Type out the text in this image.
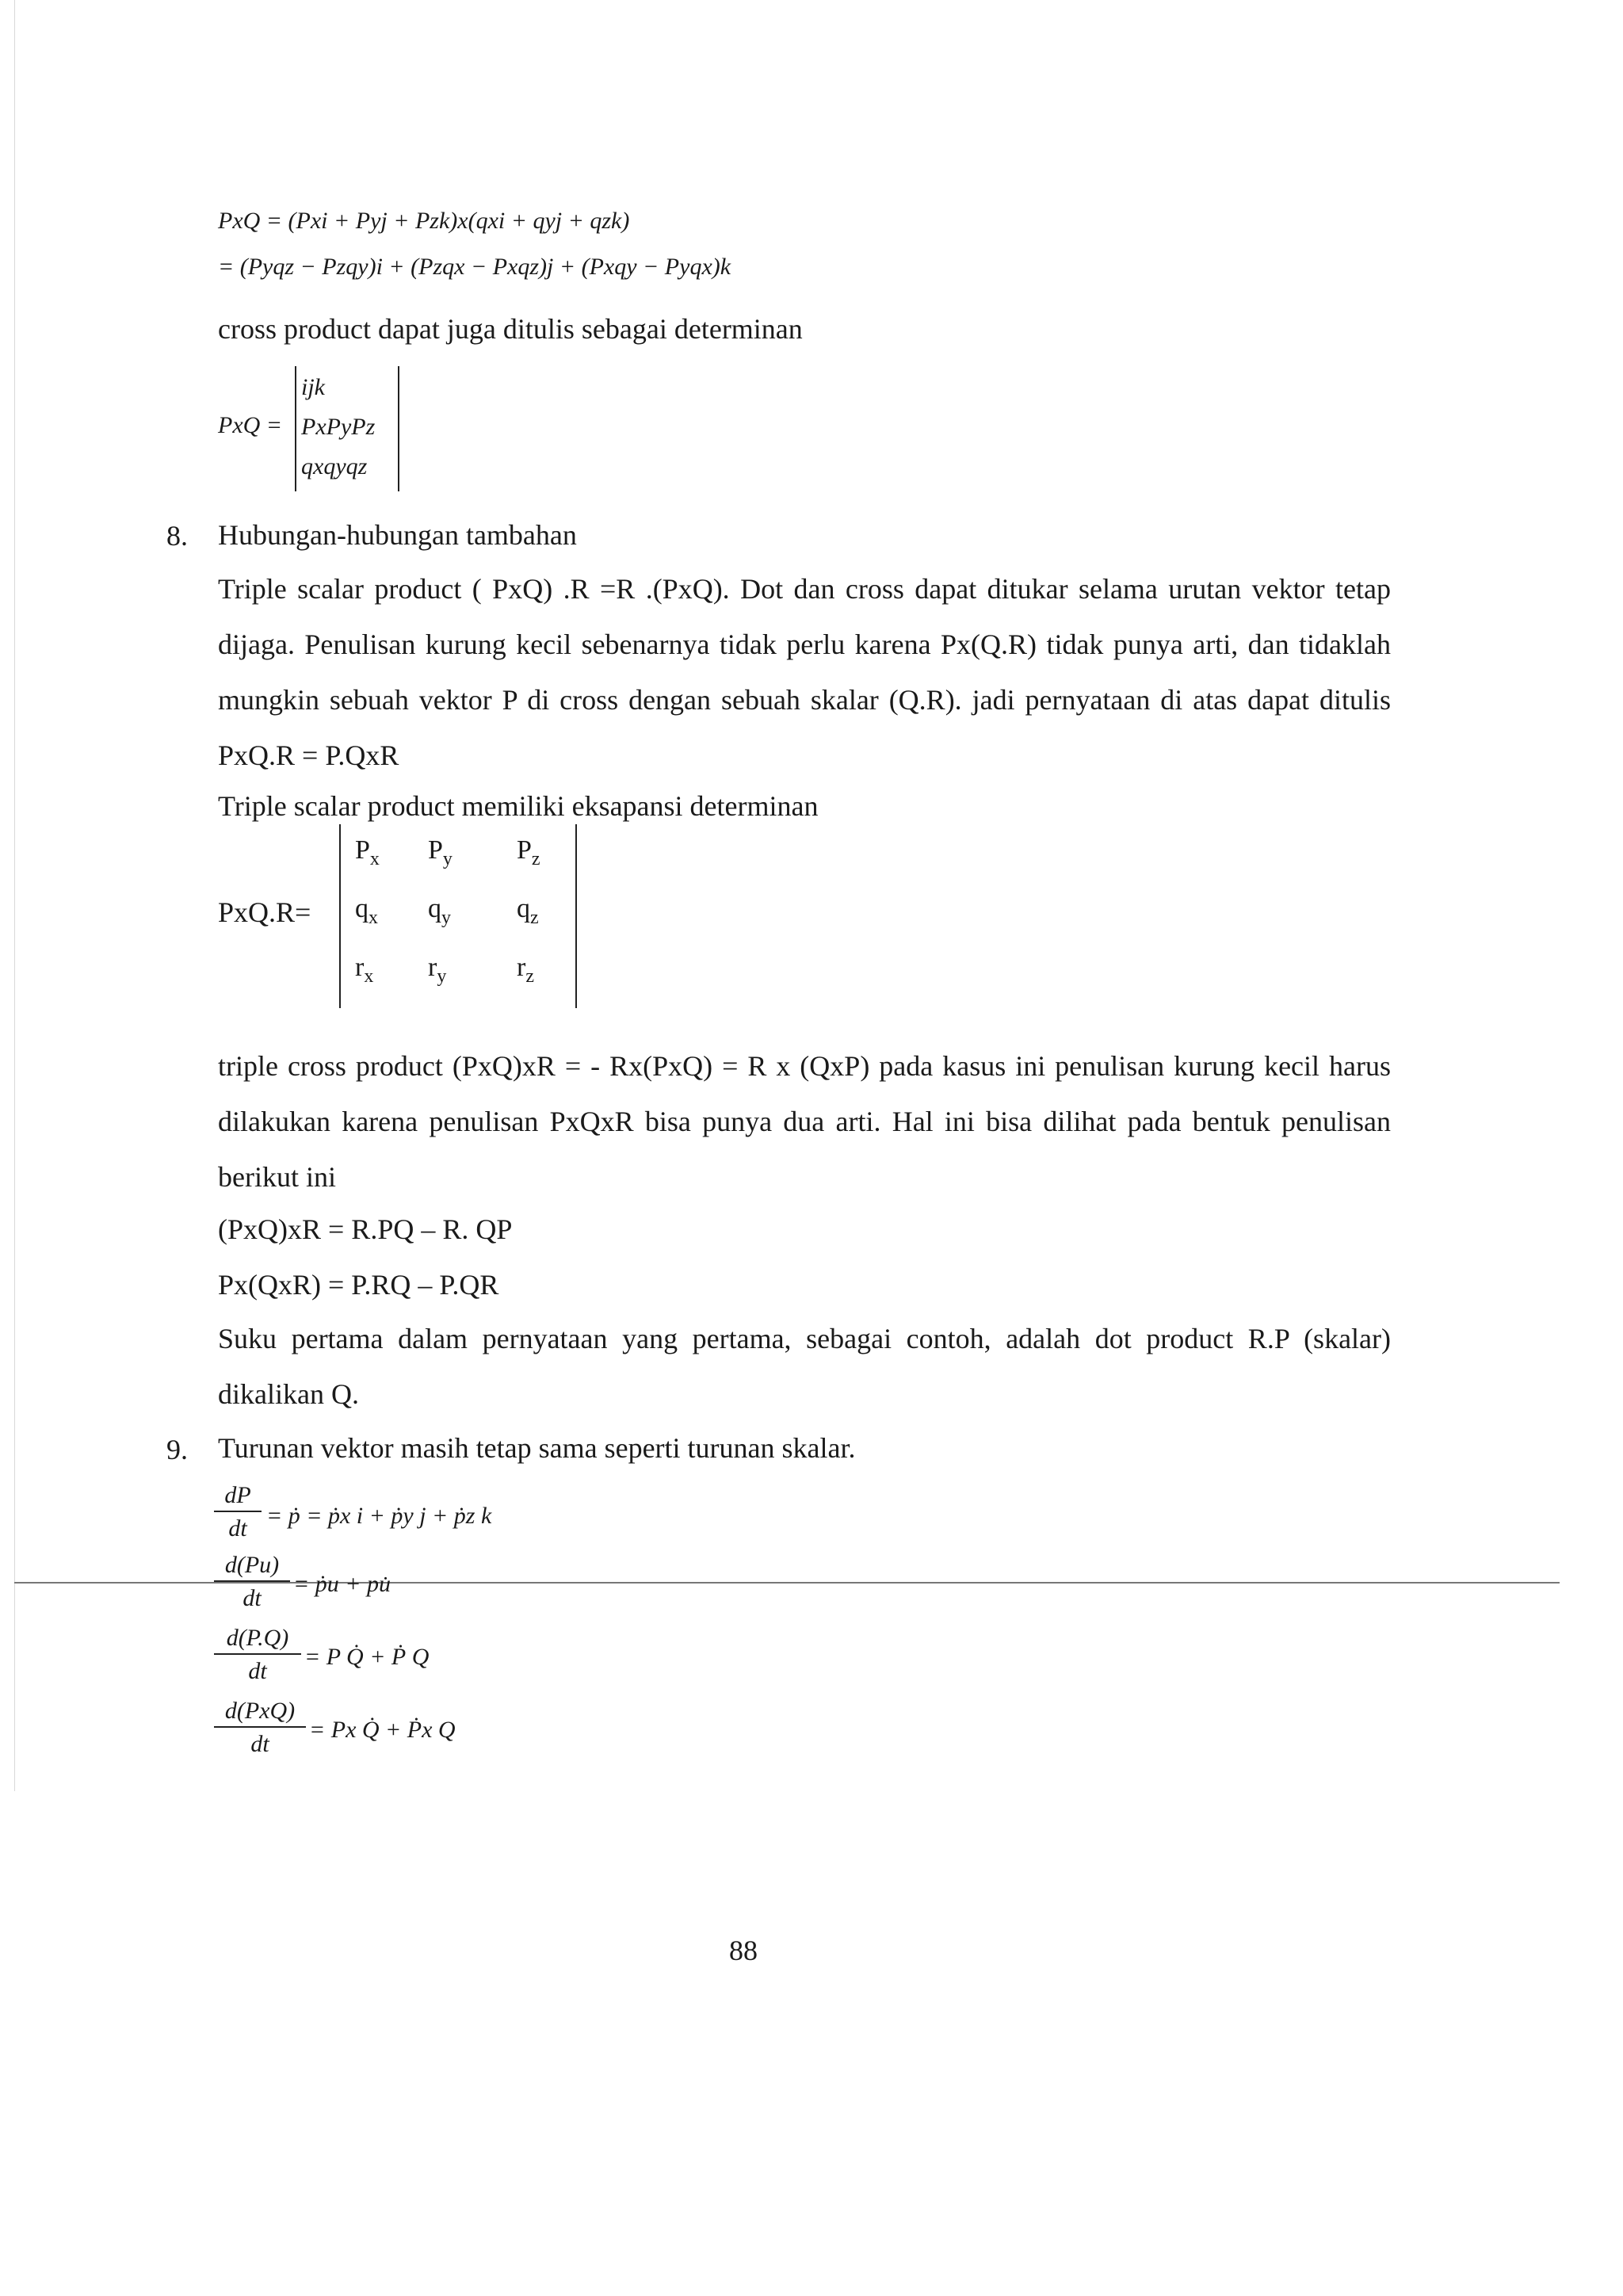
PxQ = (Pxi + Pyj + Pzk)x(qxi + qyj + qzk)
= (Pyqz − Pzqy)i + (Pzqx − Pxqz)j + (Pxqy − Pyqx)k
cross product dapat juga ditulis sebagai determinan
PxQ =
ijk
PxPyPz
qxqyqz
8. Hubungan-hubungan tambahan
Triple scalar product ( PxQ) .R =R .(PxQ). Dot dan cross dapat ditukar selama urutan vektor tetap dijaga. Penulisan kurung kecil sebenarnya tidak perlu karena Px(Q.R) tidak punya arti, dan tidaklah mungkin sebuah vektor P di cross dengan sebuah skalar (Q.R). jadi pernyataan di atas dapat ditulis PxQ.R = P.QxR
Triple scalar product memiliki eksapansi determinan
PxQ.R=
$P_x$ $P_y$ $P_z$
$q_x$ $q_y$ $q_z$
$r_x$ $r_y$	$r_z$
triple cross product (PxQ)xR = - Rx(PxQ) = R x (QxP) pada kasus ini penulisan kurung kecil harus dilakukan karena penulisan PxQxR bisa punya dua arti. Hal ini bisa dilihat pada bentuk penulisan berikut ini
(PxQ)xR = R.PQ – R. QP
Px(QxR) = P.RQ – P.QR
Suku pertama dalam pernyataan yang pertama, sebagai contoh, adalah dot product R.P (skalar) dikalikan Q.
9. Turunan vektor masih tetap sama seperti turunan skalar.
$\frac{dP}{dt}$ = ṗ = ṗx i + ṗy j + ṗz k
$\frac{d(Pu)}{dt}$ = ṗu + pu̇
$\frac{d(P.Q)}{dt} = P$ Q̇ + Ṗ Q
d(PxQ)
dt
= Px Q̇ + Ṗx Q
88
